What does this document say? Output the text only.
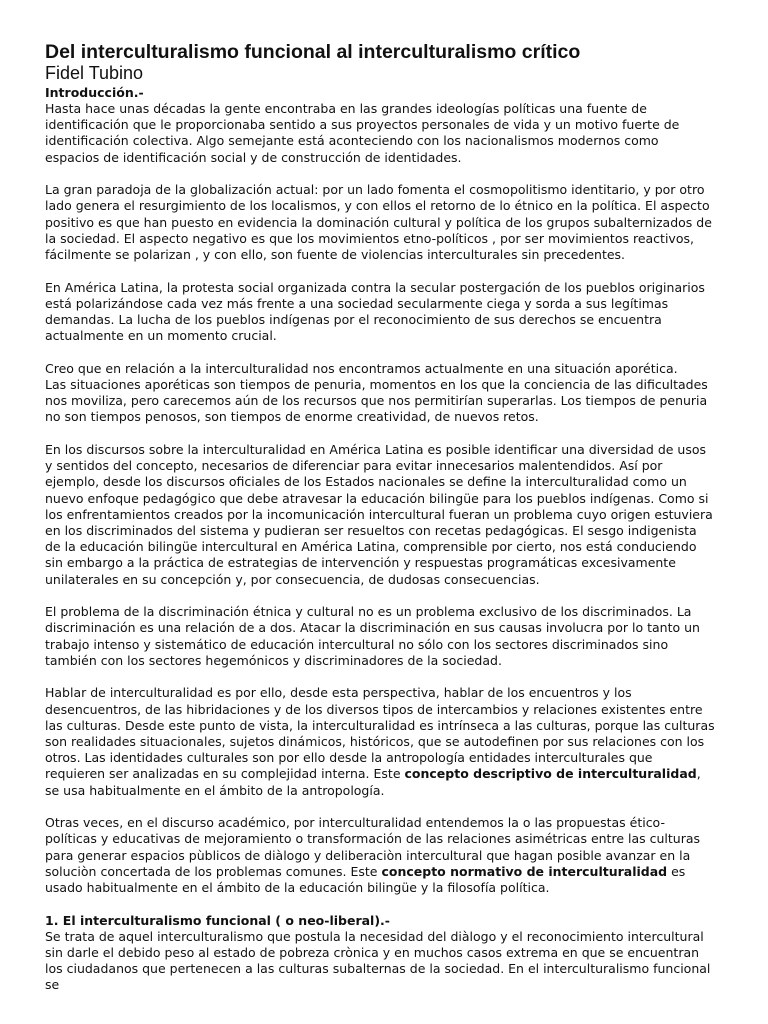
Del interculturalismo funcional al interculturalismo crítico
Fidel Tubino
Introducción.-

Hasta hace unas décadas la gente encontraba en las grandes ideologías políticas una fuente de identificación que le proporcionaba sentido a sus proyectos personales de vida y un motivo fuerte de identificación colectiva. Algo semejante está aconteciendo con los nacionalismos modernos como espacios de identificación social y de construcción de identidades.

La gran paradoja de la globalización actual: por un lado fomenta el cosmopolitismo identitario, y por otro lado genera el resurgimiento de los localismos, y con ellos el retorno de lo étnico en la política. El aspecto positivo es que han puesto en evidencia la dominación cultural y política de los grupos subalternizados de la sociedad. El aspecto negativo es que los movimientos etno-políticos , por ser movimientos reactivos, fácilmente se polarizan , y con ello, son fuente de violencias interculturales sin precedentes.

En América Latina, la protesta social organizada contra la secular postergación de los pueblos originarios está polarizándose cada vez más frente a una sociedad secularmente ciega y sorda a sus legítimas demandas. La lucha de los pueblos indígenas por el reconocimiento de sus derechos se encuentra actualmente en un momento crucial.

Creo que en relación a la interculturalidad nos encontramos actualmente en una situación aporética.

Las situaciones aporéticas son tiempos de penuria, momentos en los que la conciencia de las dificultades nos moviliza, pero carecemos aún de los recursos que nos permitirían superarlas. Los tiempos de penuria no son tiempos penosos, son tiempos de enorme creatividad, de nuevos retos.

En los discursos sobre la interculturalidad en América Latina es posible identificar una diversidad de usos y sentidos del concepto, necesarios de diferenciar para evitar innecesarios malentendidos. Así por ejemplo, desde los discursos oficiales de los Estados nacionales se define la interculturalidad como un nuevo enfoque pedagógico que debe atravesar la educación bilingüe para los pueblos indígenas. Como si los enfrentamientos creados por la incomunicación intercultural fueran un problema cuyo origen estuviera en los discriminados del sistema y pudieran ser resueltos con recetas pedagógicas. El sesgo indigenista de la educación bilingüe intercultural en América Latina, comprensible por cierto, nos está conduciendo sin embargo a la práctica de estrategias de intervención y respuestas programáticas excesivamente unilaterales en su concepción y, por consecuencia, de dudosas consecuencias.

El problema de la discriminación étnica y cultural no es un problema exclusivo de los discriminados. La discriminación es una relación de a dos. Atacar la discriminación en sus causas involucra por lo tanto un trabajo intenso y sistemático de educación intercultural no sólo con los sectores discriminados sino también con los sectores hegemónicos y discriminadores de la sociedad.

Hablar de interculturalidad es por ello, desde esta perspectiva, hablar de los encuentros y los desencuentros, de las hibridaciones y de los diversos tipos de intercambios y relaciones existentes entre las culturas. Desde este punto de vista, la interculturalidad es intrínseca a las culturas, porque las culturas son realidades situacionales, sujetos dinámicos, históricos, que se autodefinen por sus relaciones con los otros. Las identidades culturales son por ello desde la antropología entidades interculturales que requieren ser analizadas en su complejidad interna. Este concepto descriptivo de interculturalidad, se usa habitualmente en el ámbito de la antropología.

Otras veces, en el discurso académico, por interculturalidad entendemos la o las propuestas ético-políticas y educativas de mejoramiento o transformación de las relaciones asimétricas entre las culturas para generar espacios pùblicos de diàlogo y deliberaciòn intercultural que hagan posible avanzar en la soluciòn concertada de los problemas comunes. Este concepto normativo de interculturalidad es usado habitualmente en el ámbito de la educación bilingüe y la filosofía política.

1. El interculturalismo funcional ( o neo-liberal).-

Se trata de aquel interculturalismo que postula la necesidad del diàlogo y el reconocimiento intercultural sin darle el debido peso al estado de pobreza crònica y en muchos casos extrema en que se encuentran los ciudadanos que pertenecen a las culturas subalternas de la sociedad. En el interculturalismo funcional se
